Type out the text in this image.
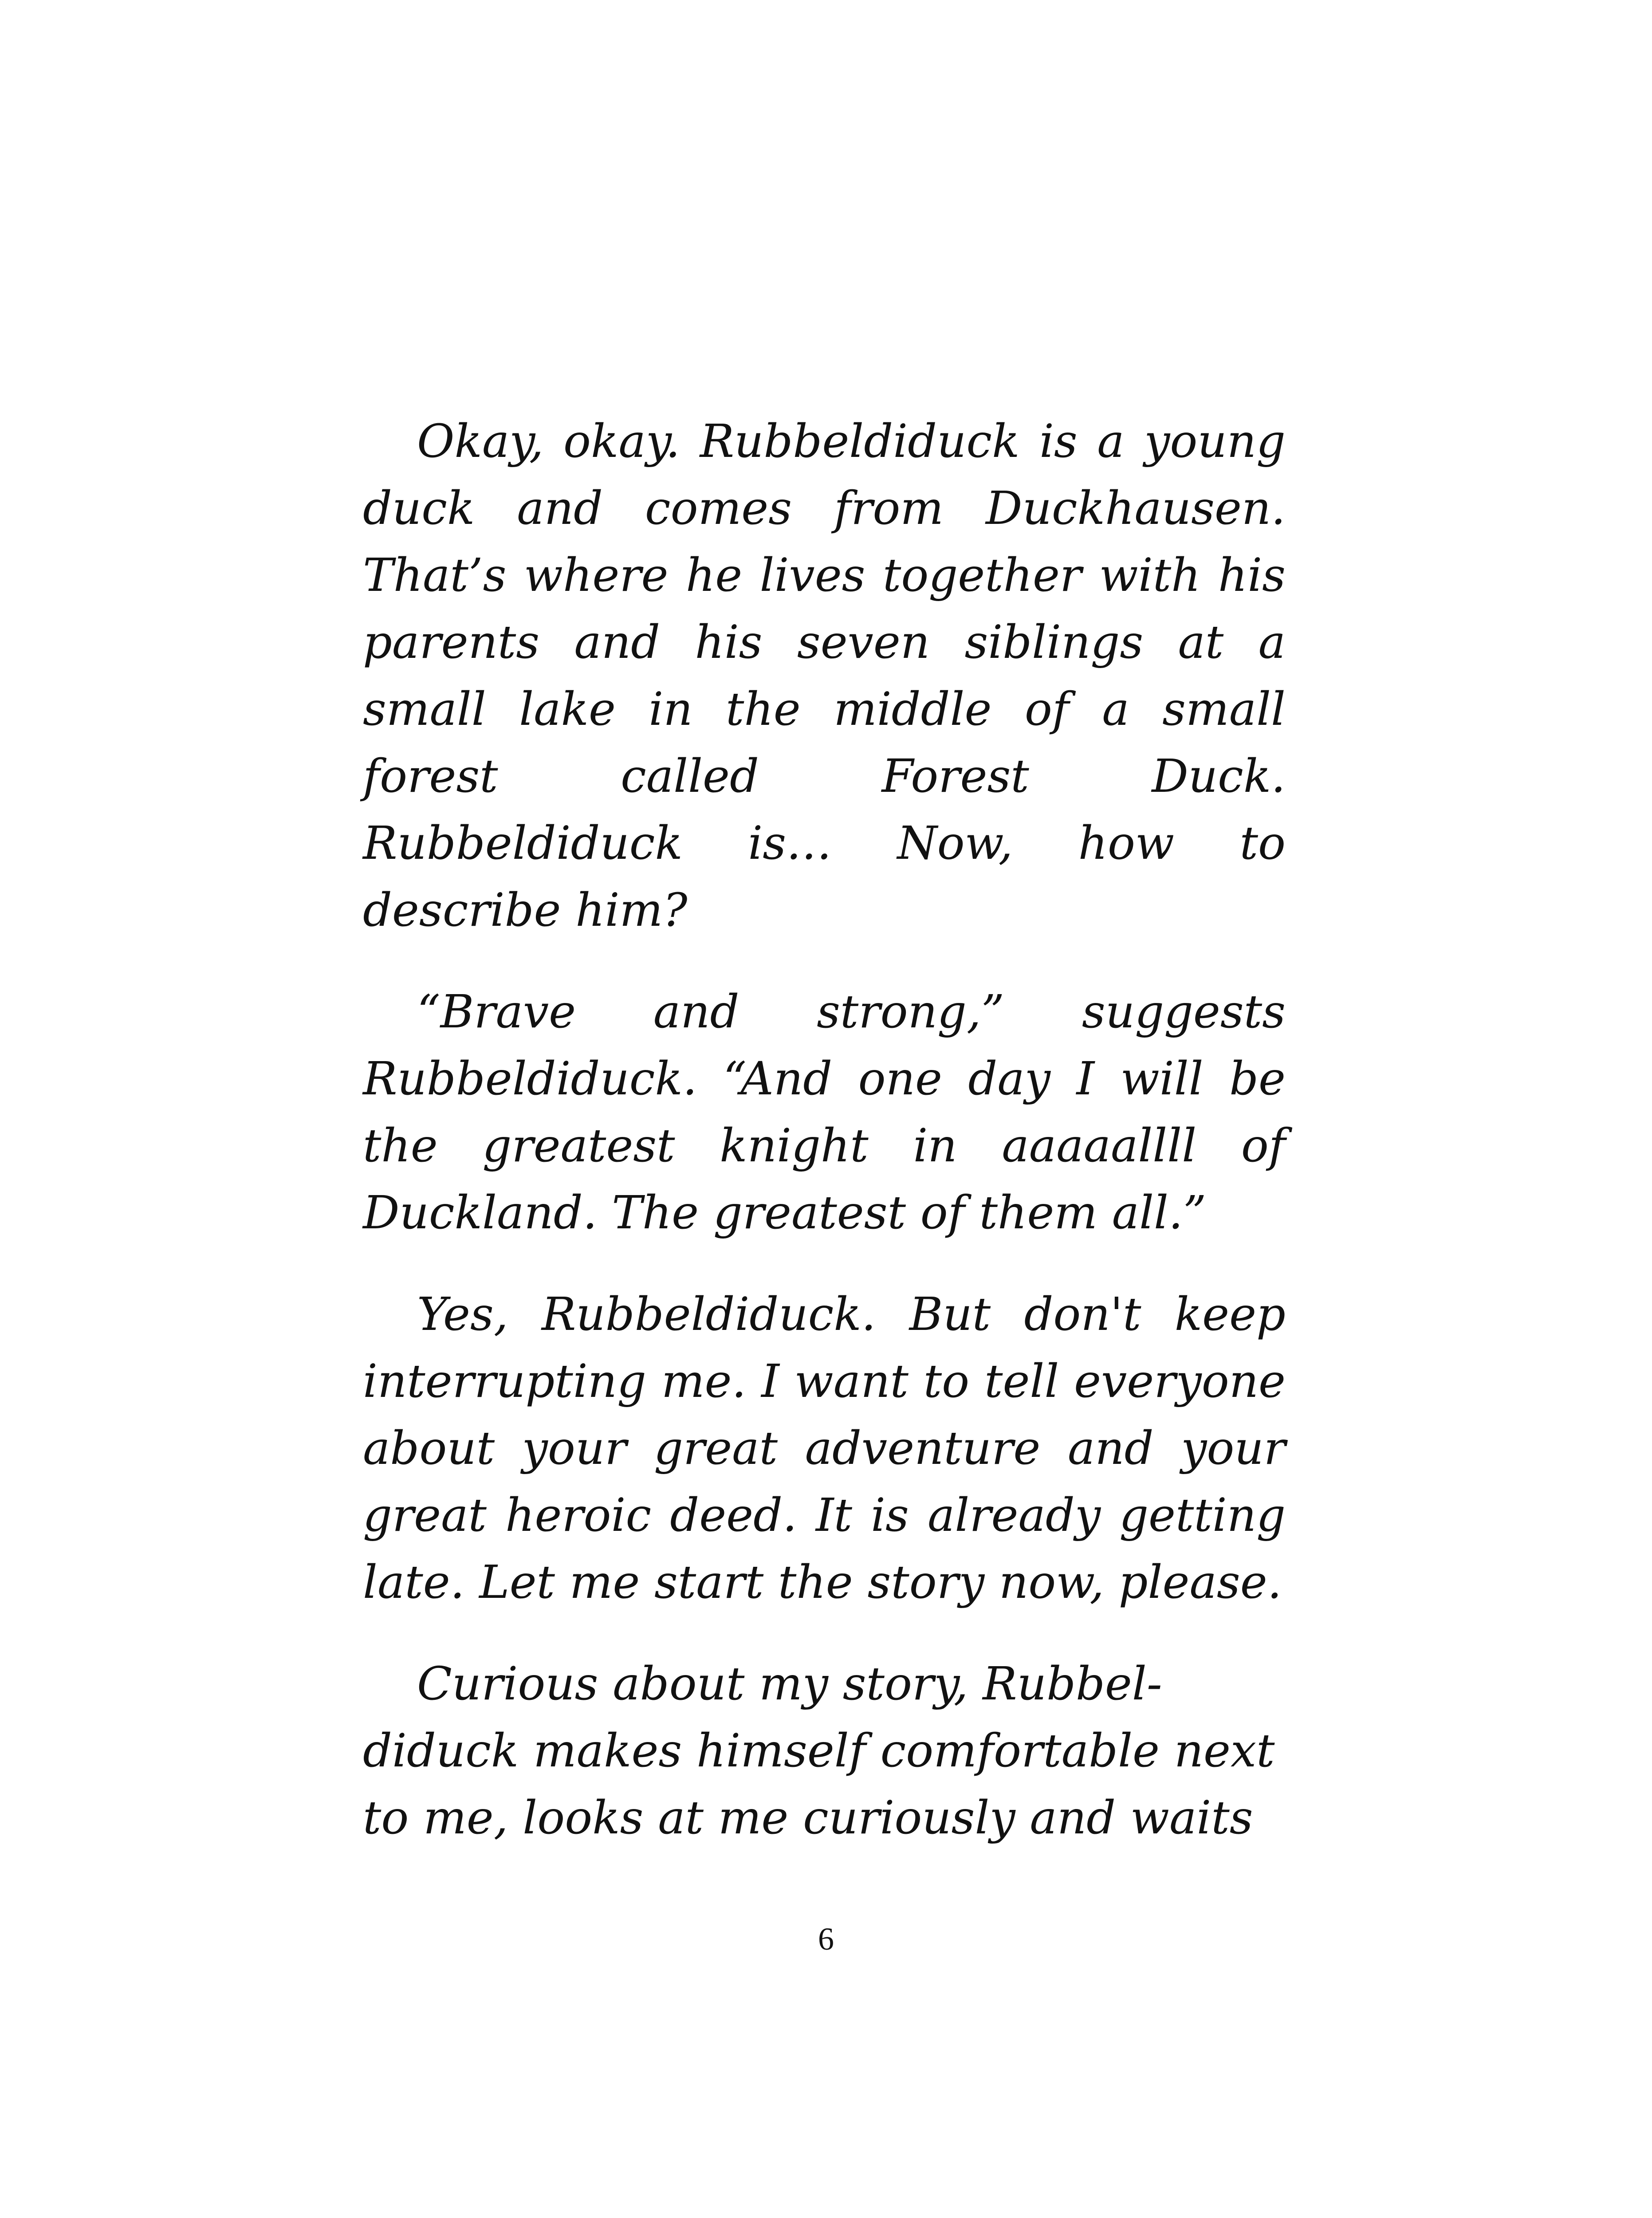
Okay, okay. Rubbeldiduck is a young duck and comes from Duckhausen. That’s where he lives together with his parents and his seven siblings at a small lake in the middle of a small forest called Forest Duck. Rubbeldiduck is… Now, how to describe him?

“Brave and strong,” suggests Rubbeldiduck. “And one day I will be the greatest knight in aaaaallll of Duckland. The greatest of them all.”

Yes, Rubbeldiduck. But don't keep interrupting me. I want to tell everyone about your great adventure and your great heroic deed. It is already getting late. Let me start the story now, please.

Curious about my story, Rubbeldiduck makes himself comfortable next to me, looks at me curiously and waits

6
